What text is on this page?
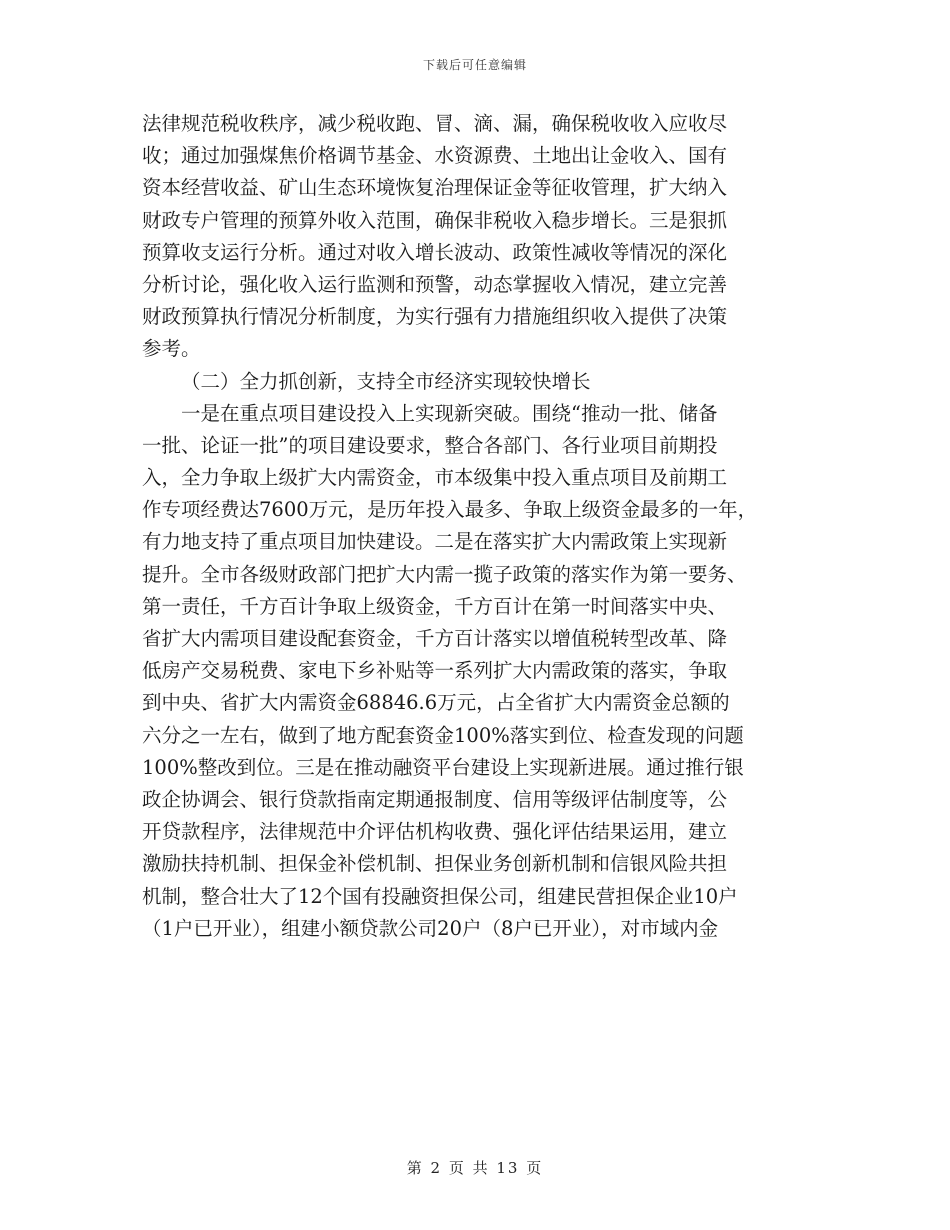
下载后可任意编辑
法律规范税收秩序，减少税收跑、冒、滴、漏，确保税收收入应收尽
收；通过加强煤焦价格调节基金、水资源费、土地出让金收入、国有
资本经营收益、矿山生态环境恢复治理保证金等征收管理，扩大纳入
财政专户管理的预算外收入范围，确保非税收入稳步增长。三是狠抓
预算收支运行分析。通过对收入增长波动、政策性减收等情况的深化
分析讨论，强化收入运行监测和预警，动态掌握收入情况，建立完善
财政预算执行情况分析制度，为实行强有力措施组织收入提供了决策
参考。
（二）全力抓创新，支持全市经济实现较快增长
一是在重点项目建设投入上实现新突破。围绕“推动一批、储备
一批、论证一批”的项目建设要求，整合各部门、各行业项目前期投
入，全力争取上级扩大内需资金，市本级集中投入重点项目及前期工
作专项经费达7600万元，是历年投入最多、争取上级资金最多的一年，
有力地支持了重点项目加快建设。二是在落实扩大内需政策上实现新
提升。全市各级财政部门把扩大内需一揽子政策的落实作为第一要务、
第一责任，千方百计争取上级资金，千方百计在第一时间落实中央、
省扩大内需项目建设配套资金，千方百计落实以增值税转型改革、降
低房产交易税费、家电下乡补贴等一系列扩大内需政策的落实，争取
到中央、省扩大内需资金68846.6万元，占全省扩大内需资金总额的
六分之一左右，做到了地方配套资金100%落实到位、检查发现的问题
100%整改到位。三是在推动融资平台建设上实现新进展。通过推行银
政企协调会、银行贷款指南定期通报制度、信用等级评估制度等，公
开贷款程序，法律规范中介评估机构收费、强化评估结果运用，建立
激励扶持机制、担保金补偿机制、担保业务创新机制和信银风险共担
机制，整合壮大了12个国有投融资担保公司，组建民营担保企业10户
（1户已开业），组建小额贷款公司20户（8户已开业），对市域内金
第 2 页 共 13 页
